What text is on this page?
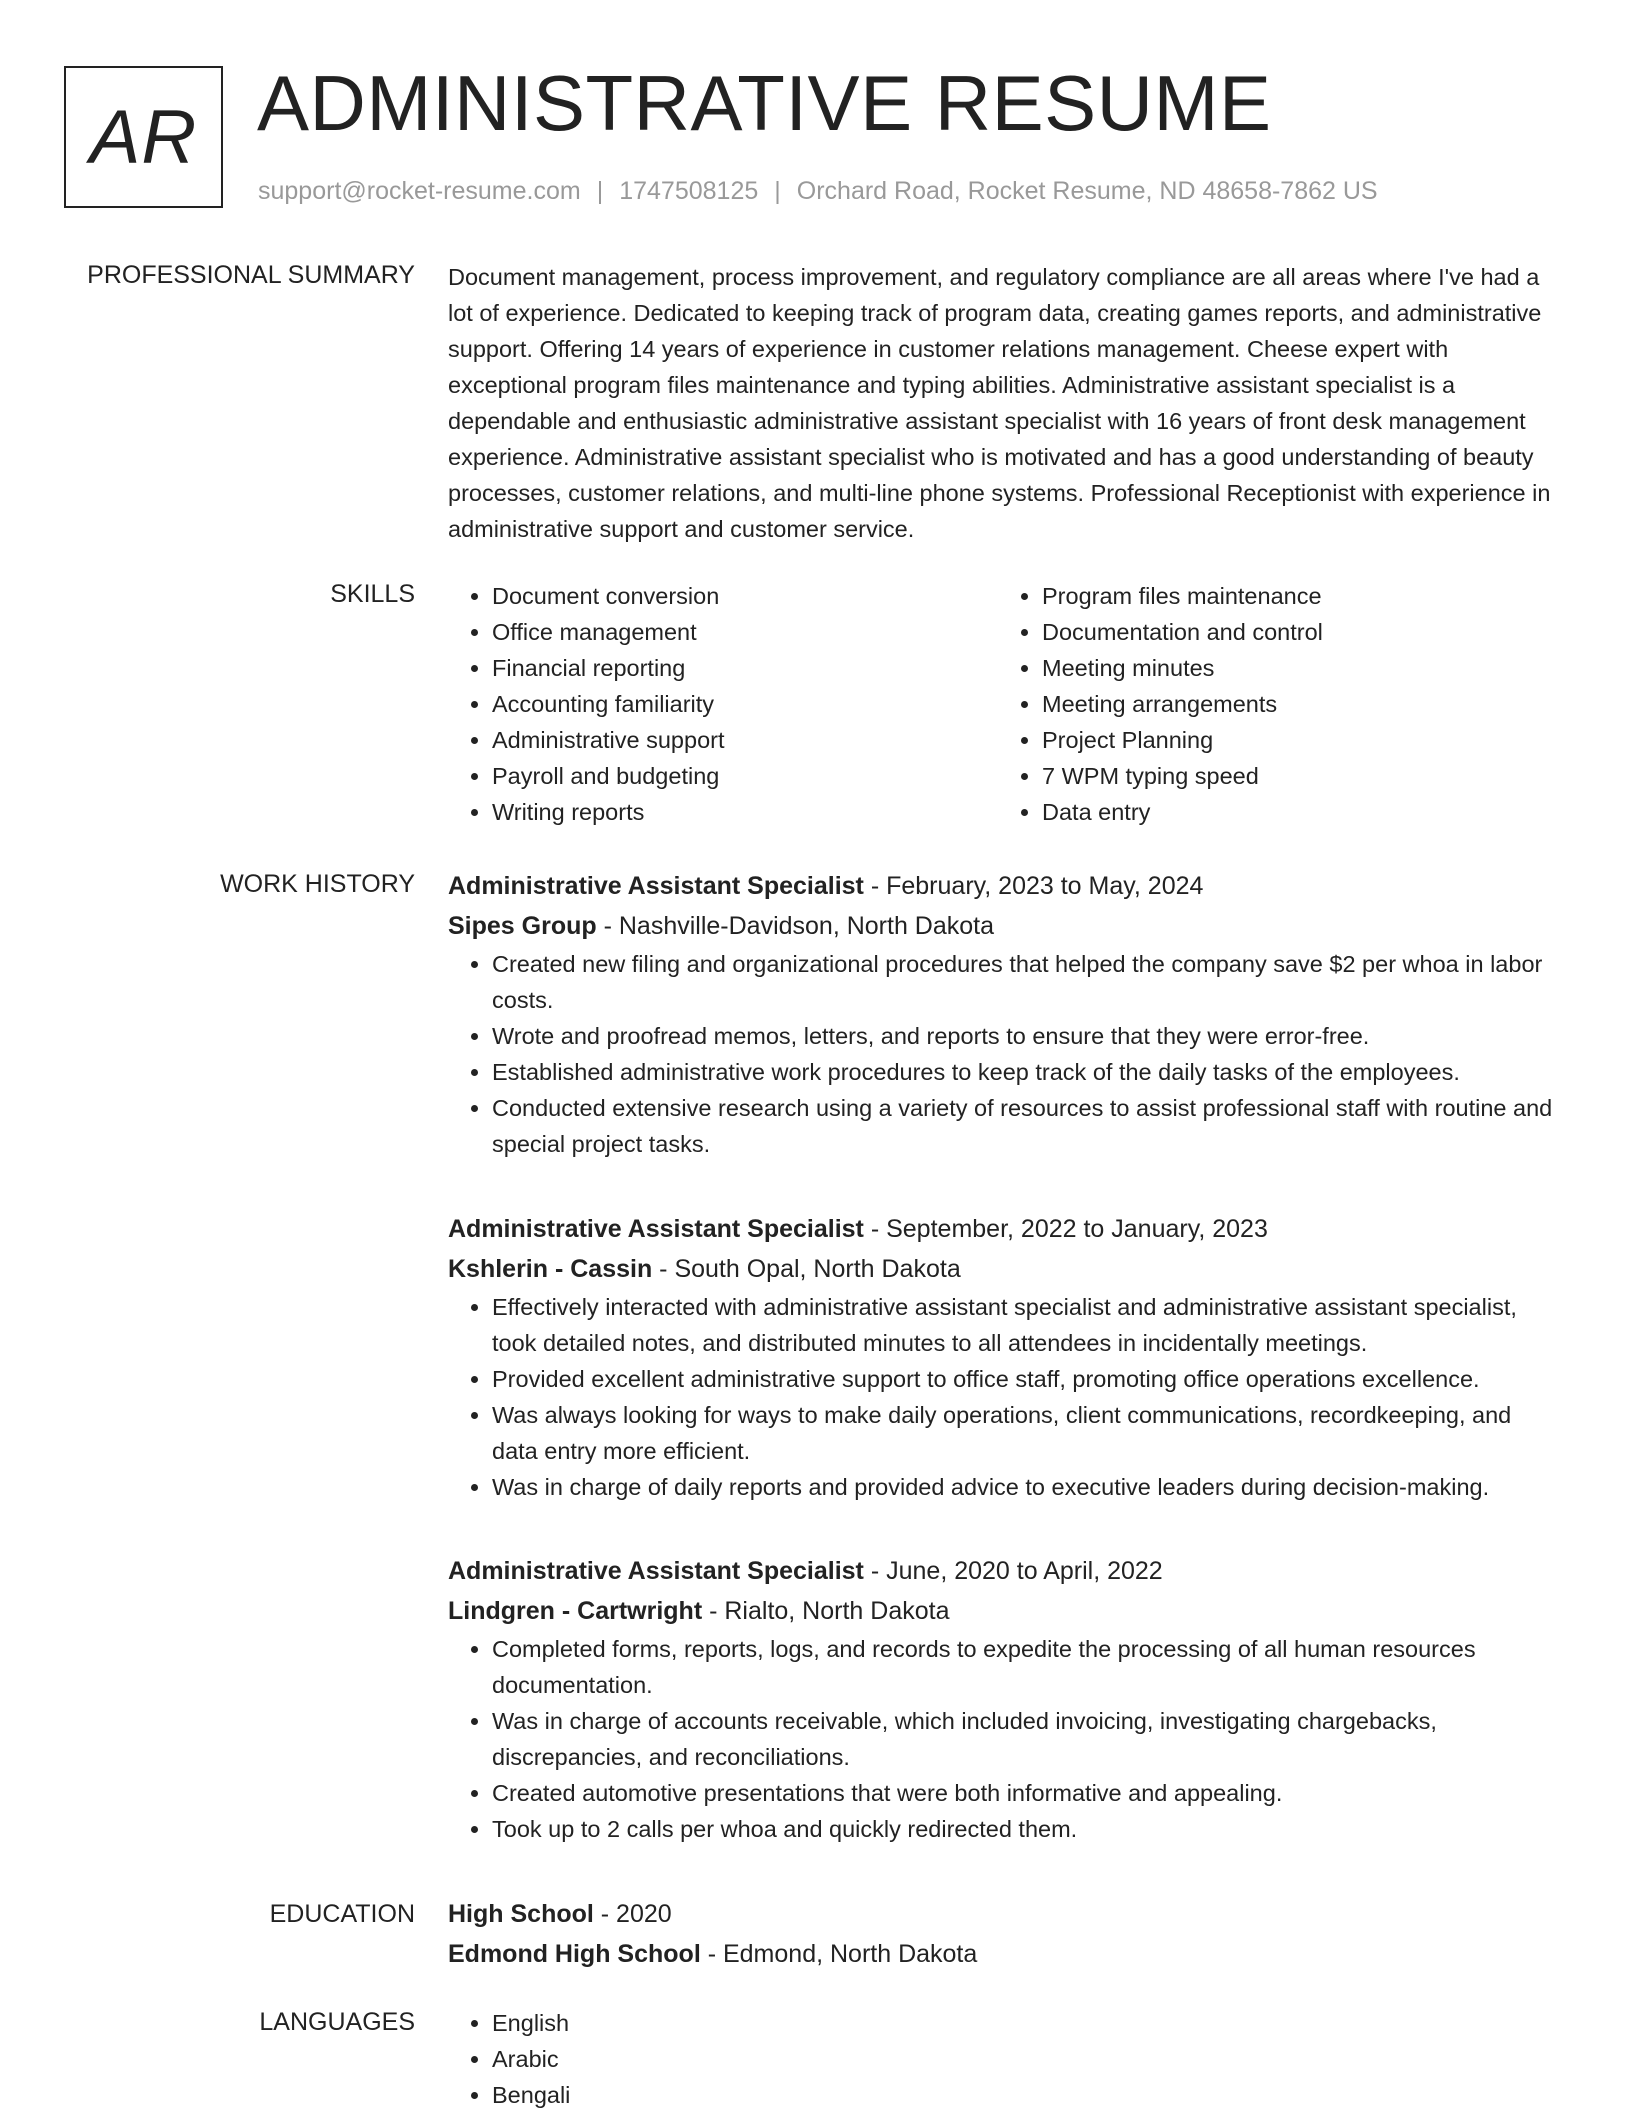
AR ADMINISTRATIVE RESUME
support@rocket-resume.com | 1747508125 | Orchard Road, Rocket Resume, ND 48658-7862 US
PROFESSIONAL SUMMARY Document management, process improvement, and regulatory compliance are all areas where I've had a lot of experience. Dedicated to keeping track of program data, creating games reports, and administrative support. Offering 14 years of experience in customer relations management. Cheese expert with exceptional program files maintenance and typing abilities. Administrative assistant specialist is a dependable and enthusiastic administrative assistant specialist with 16 years of front desk management experience. Administrative assistant specialist who is motivated and has a good understanding of beauty processes, customer relations, and multi-line phone systems. Professional Receptionist with experience in administrative support and customer service.

SKILLS	• Document conversion
• Office management
• Financial reporting
• Accounting familiarity
• Administrative support
• Payroll and budgeting
• Writing reports
• Program files maintenance
• Documentation and control
• Meeting minutes
• Meeting arrangements
• Project Planning
• 7 WPM typing speed
• Data entry
WORK HISTORY Administrative Assistant Specialist - February, 2023 to May, 2024
Sipes Group - Nashville-Davidson, North Dakota
• Created new filing and organizational procedures that helped the company save $2 per whoa in labor costs.
• Wrote and proofread memos, letters, and reports to ensure that they were error-free.
• Established administrative work procedures to keep track of the daily tasks of the employees.
• Conducted extensive research using a variety of resources to assist professional staff with routine and special project tasks.
Administrative Assistant Specialist - September, 2022 to January, 2023
Kshlerin - Cassin - South Opal, North Dakota
• Effectively interacted with administrative assistant specialist and administrative assistant specialist, took detailed notes, and distributed minutes to all attendees in incidentally meetings.
• Provided excellent administrative support to office staff, promoting office operations excellence.
• Was always looking for ways to make daily operations, client communications, recordkeeping, and data entry more efficient.
• Was in charge of daily reports and provided advice to executive leaders during decision-making.
Administrative Assistant Specialist - June, 2020 to April, 2022
Lindgren - Cartwright - Rialto, North Dakota
• Completed forms, reports, logs, and records to expedite the processing of all human resources documentation.
• Was in charge of accounts receivable, which included invoicing, investigating chargebacks, discrepancies, and reconciliations.
• Created automotive presentations that were both informative and appealing.
• Took up to 2 calls per whoa and quickly redirected them.
EDUCATION High School - 2020
Edmond High School - Edmond, North Dakota
LANGUAGES	• English
• Arabic
• Bengali
